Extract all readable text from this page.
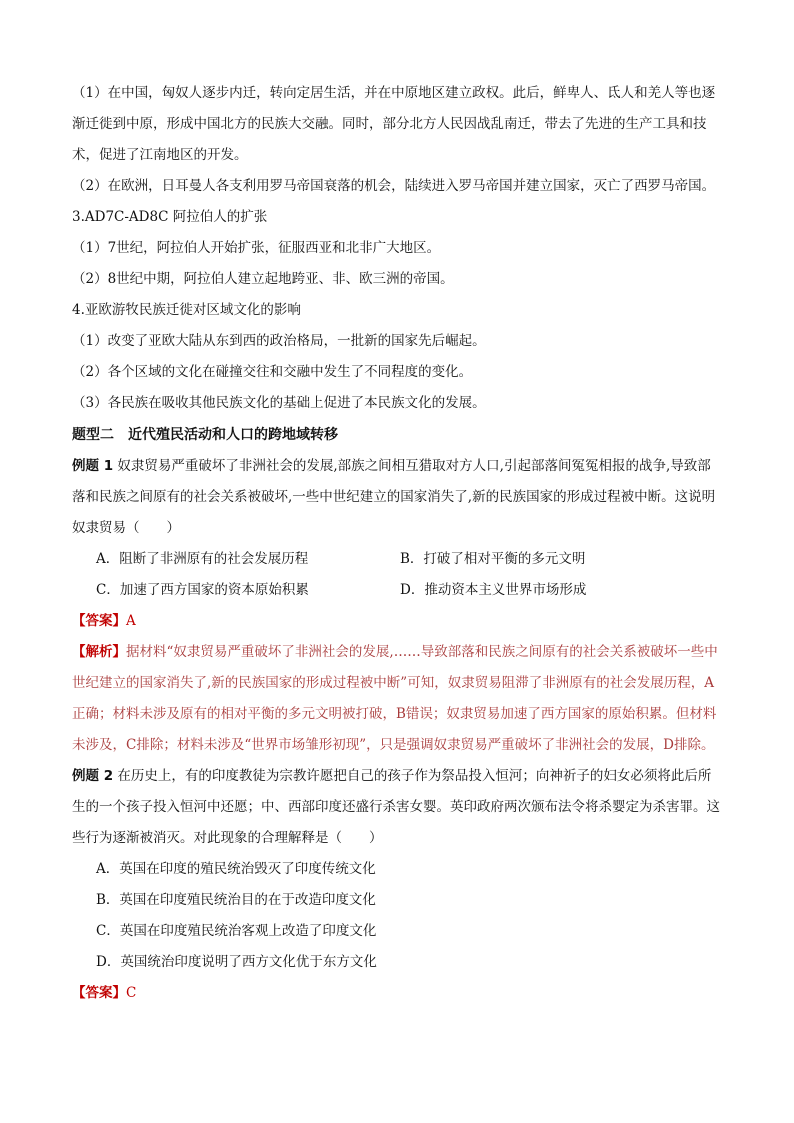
（1）在中国，匈奴人逐步内迁，转向定居生活，并在中原地区建立政权。此后，鲜卑人、氐人和羌人等也逐渐迁徙到中原，形成中国北方的民族大交融。同时，部分北方人民因战乱南迁，带去了先进的生产工具和技术，促进了江南地区的开发。

（2）在欧洲，日耳曼人各支利用罗马帝国衰落的机会，陆续进入罗马帝国并建立国家，灭亡了西罗马帝国。

3.AD7C-AD8C 阿拉伯人的扩张

（1）7世纪，阿拉伯人开始扩张，征服西亚和北非广大地区。

（2）8世纪中期，阿拉伯人建立起地跨亚、非、欧三洲的帝国。

4.亚欧游牧民族迁徙对区域文化的影响

（1）改变了亚欧大陆从东到西的政治格局，一批新的国家先后崛起。

（2）各个区域的文化在碰撞交往和交融中发生了不同程度的变化。

（3）各民族在吸收其他民族文化的基础上促进了本民族文化的发展。

题型二　近代殖民活动和人口的跨地域转移

例题 1 奴隶贸易严重破坏了非洲社会的发展,部族之间相互猎取对方人口,引起部落间冤冤相报的战争,导致部落和民族之间原有的社会关系被破坏,一些中世纪建立的国家消失了,新的民族国家的形成过程被中断。这说明奴隶贸易（　　）

A．阻断了非洲原有的社会发展历程	B．打破了相对平衡的多元文明
C．加速了西方国家的资本原始积累	D．推动资本主义世界市场形成

【答案】A

【解析】据材料“奴隶贸易严重破坏了非洲社会的发展,……导致部落和民族之间原有的社会关系被破坏一些中世纪建立的国家消失了,新的民族国家的形成过程被中断”可知，奴隶贸易阻滞了非洲原有的社会发展历程，A正确；材料未涉及原有的相对平衡的多元文明被打破，B错误；奴隶贸易加速了西方国家的原始积累。但材料未涉及，C排除；材料未涉及“世界市场雏形初现”，只是强调奴隶贸易严重破坏了非洲社会的发展，D排除。

例题 2 在历史上，有的印度教徒为宗教许愿把自己的孩子作为祭品投入恒河；向神祈子的妇女必须将此后所生的一个孩子投入恒河中还愿；中、西部印度还盛行杀害女婴。英印政府两次颁布法令将杀婴定为杀害罪。这些行为逐渐被消灭。对此现象的合理解释是（　　）

A．英国在印度的殖民统治毁灭了印度传统文化
B．英国在印度殖民统治目的在于改造印度文化
C．英国在印度殖民统治客观上改造了印度文化
D．英国统治印度说明了西方文化优于东方文化

【答案】C
